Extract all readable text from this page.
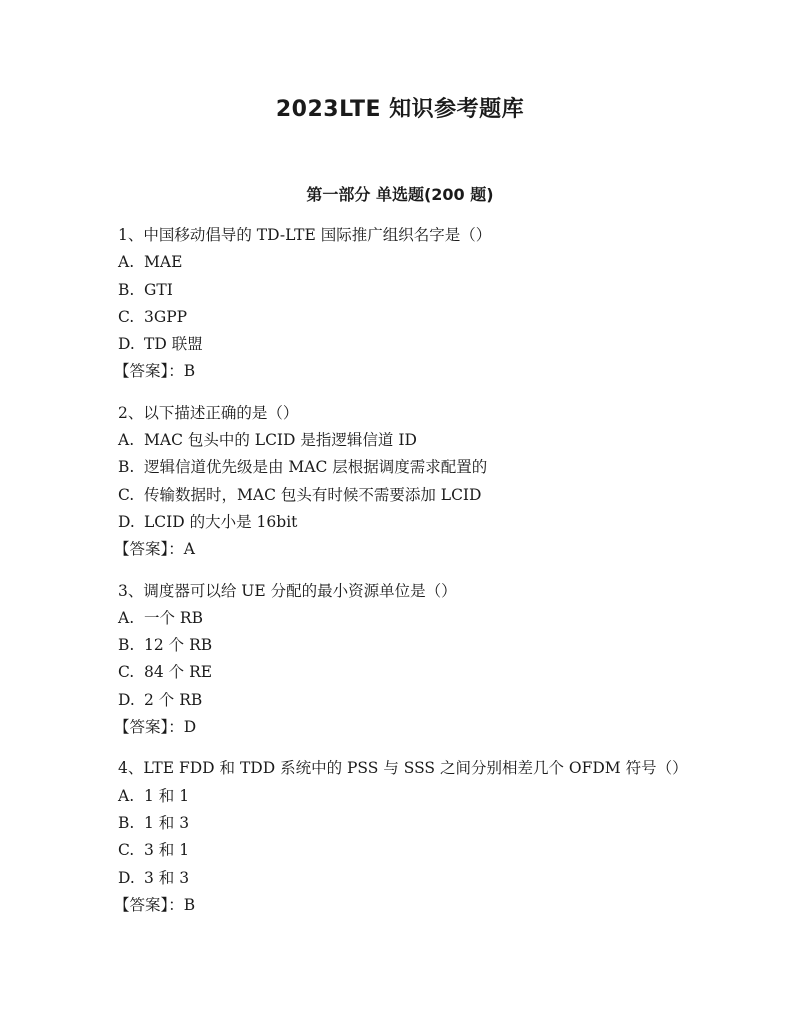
2023LTE 知识参考题库
第一部分 单选题(200 题)
1、中国移动倡导的 TD-LTE 国际推广组织名字是（）
A. MAE
B. GTI
C. 3GPP
D. TD 联盟
【答案】：B
2、以下描述正确的是（）
A. MAC 包头中的 LCID 是指逻辑信道 ID
B. 逻辑信道优先级是由 MAC 层根据调度需求配置的
C. 传输数据时，MAC 包头有时候不需要添加 LCID
D. LCID 的大小是 16bit
【答案】：A
3、调度器可以给 UE 分配的最小资源单位是（）
A. 一个 RB
B. 12 个 RB
C. 84 个 RE
D. 2 个 RB
【答案】：D
4、LTE FDD 和 TDD 系统中的 PSS 与 SSS 之间分别相差几个 OFDM 符号（）
A. 1 和 1
B. 1 和 3
C. 3 和 1
D. 3 和 3
【答案】：B
